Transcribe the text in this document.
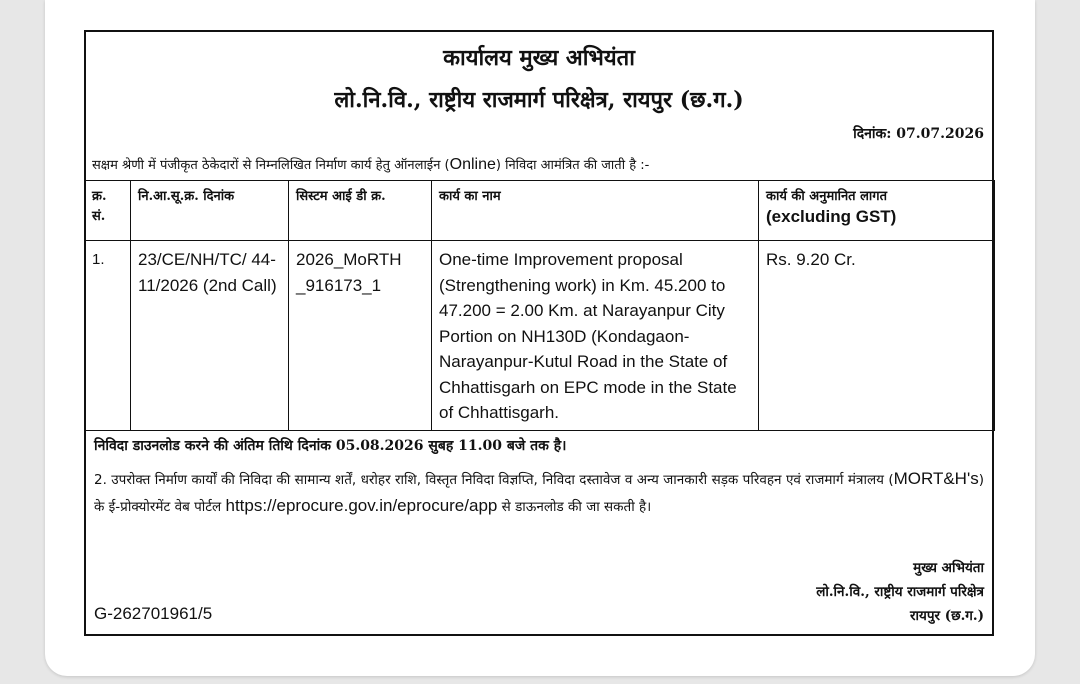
कार्यालय मुख्य अभियंता
लो.नि.वि., राष्ट्रीय राजमार्ग परिक्षेत्र, रायपुर (छ.ग.)
दिनांक: 07.07.2026
सक्षम श्रेणी में पंजीकृत ठेकेदारों से निम्नलिखित निर्माण कार्य हेतु ऑनलाईन (Online) निविदा आमंत्रित की जाती है :-
क्र. सं.	नि.आ.सू.क्र. दिनांक	सिस्टम आई डी क्र.	कार्य का नाम	कार्य की अनुमानित लागत
(excluding GST)

1.	23/CE/NH/TC/ 44-11/2026 (2nd Call)	2026_MoRTH _916173_1	One-time Improvement proposal (Strengthening work) in Km. 45.200 to 47.200 = 2.00 Km. at Narayanpur City Portion on NH130D (Kondagaon-Narayanpur-Kutul Road in the State of Chhattisgarh on EPC mode in the State of Chhattisgarh.	Rs. 9.20 Cr.
निविदा डाउनलोड करने की अंतिम तिथि दिनांक 05.08.2026 सुबह 11.00 बजे तक है।
2. उपरोक्त निर्माण कार्यों की निविदा की सामान्य शर्तें, धरोहर राशि, विस्तृत निविदा विज्ञप्ति, निविदा दस्तावेज व अन्य जानकारी सड़क परिवहन एवं राजमार्ग मंत्रालय (MORT&H's) के ई-प्रोक्योरमेंट वेब पोर्टल https://eprocure.gov.in/eprocure/app से डाऊनलोड की जा सकती है।
मुख्य अभियंता
लो.नि.वि., राष्ट्रीय राजमार्ग परिक्षेत्र
रायपुर (छ.ग.)
G-262701961/5
